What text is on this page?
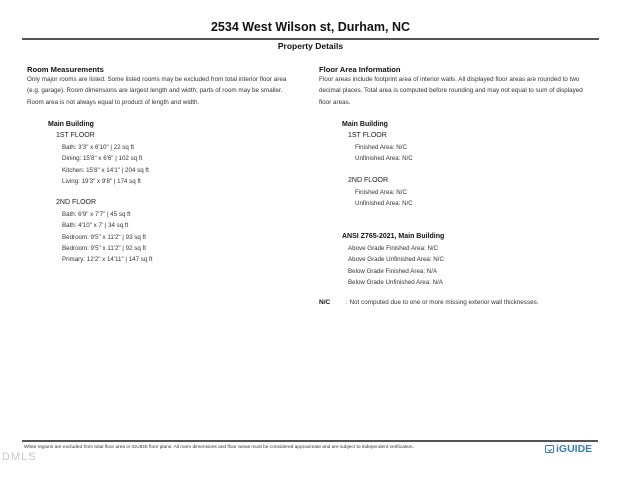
2534 West Wilson st, Durham, NC
Property Details
Room Measurements
Only major rooms are listed. Some listed rooms may be excluded from total interior floor area
(e.g. garage). Room dimensions are largest length and width; parts of room may be smaller.
Room area is not always equal to product of length and width.
Main Building
1ST FLOOR
Bath: 3'3" x 6'10" | 22 sq ft
Dining: 15'8" x 6'6" | 102 sq ft
Kitchen: 15'8" x 14'1" | 204 sq ft
Living: 19'3" x 9'8" | 174 sq ft
2ND FLOOR
Bath: 6'9" x 7'7" | 45 sq ft
Bath: 4'10" x 7' | 34 sq ft
Bedroom: 9'5" x 11'2" | 93 sq ft
Bedroom: 9'5" x 11'2" | 92 sq ft
Primary: 12'2" x 14'11" | 147 sq ft
Floor Area Information
Floor areas include footprint area of interior walls. All displayed floor areas are rounded to two
decimal places. Total area is computed before rounding and may not equal to sum of displayed
floor areas.
Main Building
1ST FLOOR
Finished Area: N/C
Unfinished Area: N/C
2ND FLOOR
Finished Area: N/C
Unfinished Area: N/C
ANSI Z765-2021, Main Building
Above Grade Finished Area: N/C
Above Grade Unfinished Area: N/C
Below Grade Finished Area: N/A
Below Grade Unfinished Area: N/A
N/C	: Not computed due to one or more missing exterior wall thicknesses.
White regions are excluded from total floor area in iGUIDE floor plans. All room dimensions and floor areas must be considered approximate and are subject to independent verification.
DMLS
iGUIDE
